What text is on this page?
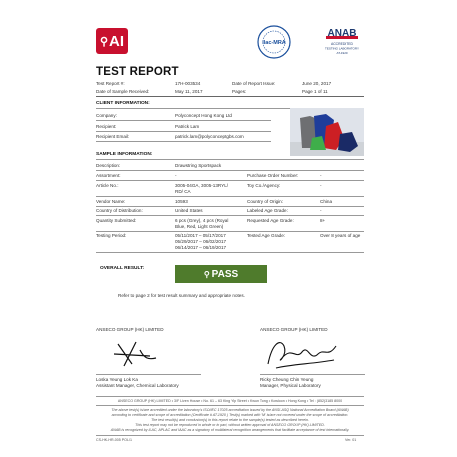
⚲ AI	ilac-MRA
ANAB
ACCREDITED
TESTING LABORATORY
AT-1920
TEST REPORT
Test Report #:	17H-003534	Date of Report Issue:	June 20, 2017
Date of Sample Received:	May 11, 2017	Pages:	Page 1 of 11
CLIENT INFORMATION:
Company:	Polyconcept Hong Kong Ltd
Recipient:	Patrick Lam
Recipient Email:	patrick.lam@polyconceptgbs.com
SAMPLE INFORMATION:
Description:	Drawstring Sportspack
Assortment:	-	Purchase Order Number:	-
Article No.:	3005-04GA, 3005-13RYL/
RD/ CA
Toy Co./Agency:	-
Vendor Name:	10593	Country of Origin:	China
Country of Distribution:	United States	Labeled Age Grade:	-
Quantity Submitted:	6 pcs (Grey), 4 pcs (Royal
Blue, Red, Light Green)
Requested Age Grade:	8+
Testing Period:	05/11/2017 – 05/17/2017
05/29/2017 – 06/02/2017
06/14/2017 – 06/19/2017
Tested Age Grade:	Over 8 years of age
OVERALL RESULT:
⚲ PASS
Refer to page 2 for test result summary and appropriate notes.
ANSECO GROUP (HK) LIMITED
Loska Yeung Lok Ka
Assistant Manager, Chemical Laboratory
ANSECO GROUP (HK) LIMITED
Ricky Cheung Chin Yeung
Manager, Physical Laboratory
ANSECO GROUP (HK) LIMITED • 3/F Liven House • No. 61 – 63 King Yip Street • Kwun Tong • Kowloon • Hong Kong • Tel : (852)3185 8000
The above test(s) is/are accredited under the laboratory's ISO/IEC 17025 accreditation issued by the ANSI-ASQ National Accreditation Board (ANAB)
according to certificate and scope of accreditation (Certificate # AT-1920 ) Test(s) marked with 'M' is/are not covered under the scope of accreditation.
The test result(s) and conclusion(s) in this report relate to the sample(s) tested as described herein.
This test report may not be reproduced in whole or in part, without written approval of ANSECO GROUP (HK) LIMITED.
ANAB is recognized by ILAC, APLAC and IAAC as a signatory of multilateral recognition arrangements that facilitate acceptance of test internationally.
CS-HK-HR-005 POL/1	Ver. 01
